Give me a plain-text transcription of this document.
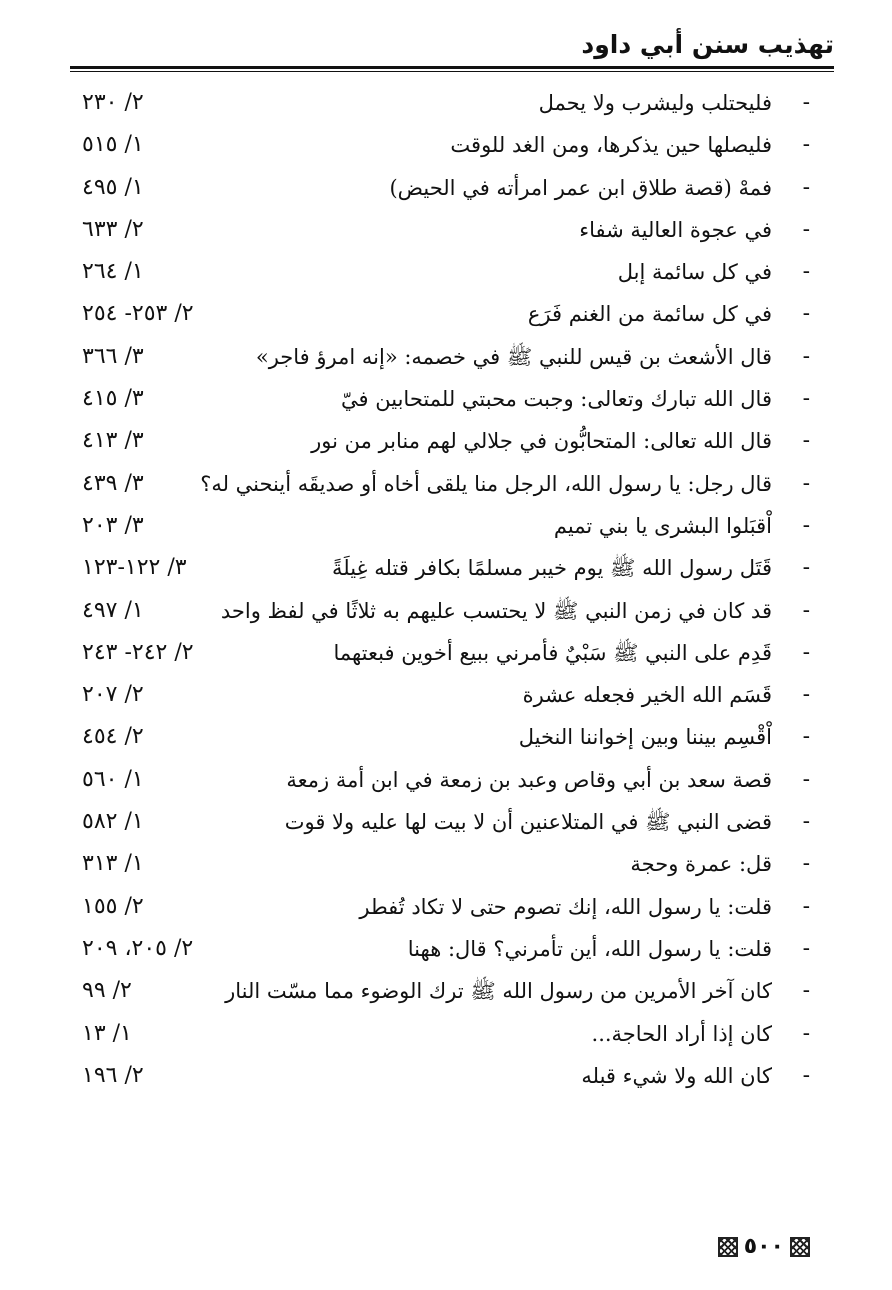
تهذيب سنن أبي داود
-
فليحتلب وليشرب ولا يحمل
٢/ ٢٣٠
-
فليصلها حين يذكرها، ومن الغد للوقت
١/ ٥١٥
-
فمهْ (قصة طلاق ابن عمر امرأته في الحيض)
١/ ٤٩٥
-
في عجوة العالية شفاء
٢/ ٦٣٣
-
في كل سائمة إبل
١/ ٢٦٤
-
في كل سائمة من الغنم فَرَع
٢/ ٢٥٣- ٢٥٤
-
قال الأشعث بن قيس للنبي ﷺ في خصمه: «إنه امرؤ فاجر»
٣/ ٣٦٦
-
قال الله تبارك وتعالى: وجبت محبتي للمتحابين فيّ
٣/ ٤١٥
-
قال الله تعالى: المتحابُّون في جلالي لهم منابر من نور
٣/ ٤١٣
-
قال رجل: يا رسول الله، الرجل منا يلقى أخاه أو صديقَه أينحني له؟
٣/ ٤٣٩
-
اْقبَلوا البشرى يا بني تميم
٣/ ٢٠٣
-
قَتَل رسول الله ﷺ يوم خيبر مسلمًا بكافر قتله غِيلَةً
٣/ ١٢٢-١٢٣
-
قد كان في زمن النبي ﷺ لا يحتسب عليهم به ثلاثًا في لفظ واحد
١/ ٤٩٧
-
قَدِم على النبي ﷺ سَبْيٌ فأمرني ببيع أخوين فبعتهما
٢/ ٢٤٢- ٢٤٣
-
قَسَم الله الخير فجعله عشرة
٢/ ٢٠٧
-
اْقْسِم بيننا وبين إخواننا النخيل
٢/ ٤٥٤
-
قصة سعد بن أبي وقاص وعبد بن زمعة في ابن أمة زمعة
١/ ٥٦٠
-
قضى النبي ﷺ في المتلاعنين أن لا بيت لها عليه ولا قوت
١/ ٥٨٢
-
قل: عمرة وحجة
١/ ٣١٣
-
قلت: يا رسول الله، إنك تصوم حتى لا تكاد تُفطر
٢/ ١٥٥
-
قلت: يا رسول الله، أين تأمرني؟ قال: ههنا
٢/ ٢٠٥، ٢٠٩
-
كان آخر الأمرين من رسول الله ﷺ ترك الوضوء مما مسّت النار
٢/ ٩٩
-
كان إذا أراد الحاجة...
١/ ١٣
-
كان الله ولا شيء قبله
٢/ ١٩٦
٥٠٠
